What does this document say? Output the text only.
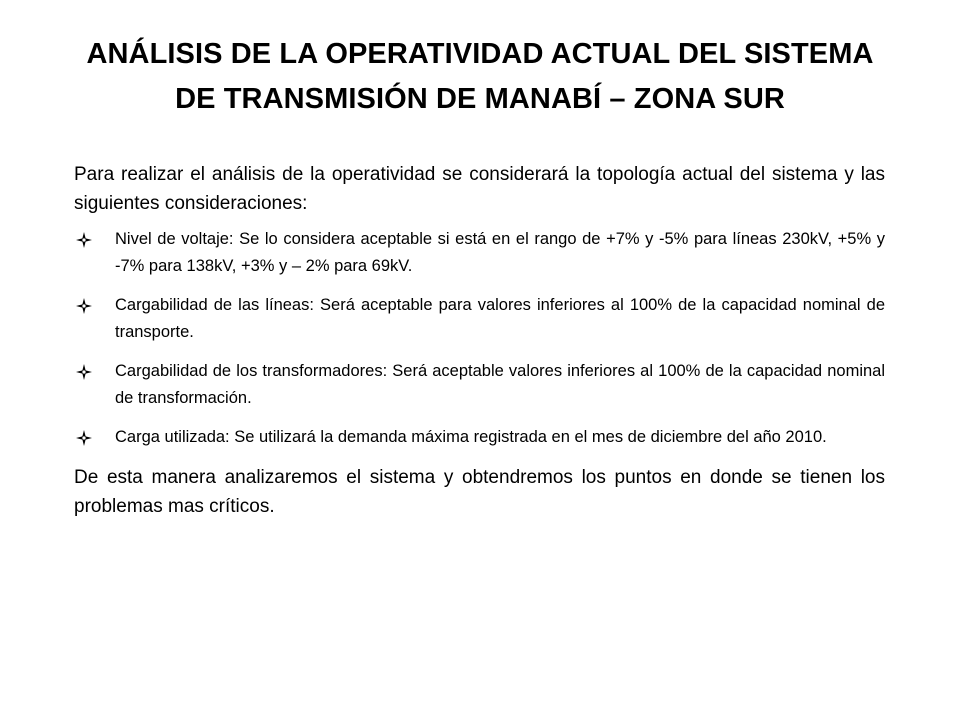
ANÁLISIS DE LA OPERATIVIDAD ACTUAL DEL SISTEMA
DE TRANSMISIÓN DE MANABÍ – ZONA SUR

Para realizar el análisis de la operatividad se considerará la topología actual del sistema y las siguientes consideraciones:

Nivel de voltaje: Se lo considera aceptable si está en el rango de +7% y -5% para líneas 230kV, +5% y -7% para 138kV, +3% y – 2% para 69kV.
Cargabilidad de las líneas: Será aceptable para valores inferiores al 100% de la capacidad nominal de transporte.
Cargabilidad de los transformadores: Será aceptable valores inferiores al 100% de la capacidad nominal de transformación.
Carga utilizada: Se utilizará la demanda máxima registrada en el mes de diciembre del año 2010.

De esta manera analizaremos el sistema y obtendremos los puntos en donde se tienen los problemas mas críticos.
